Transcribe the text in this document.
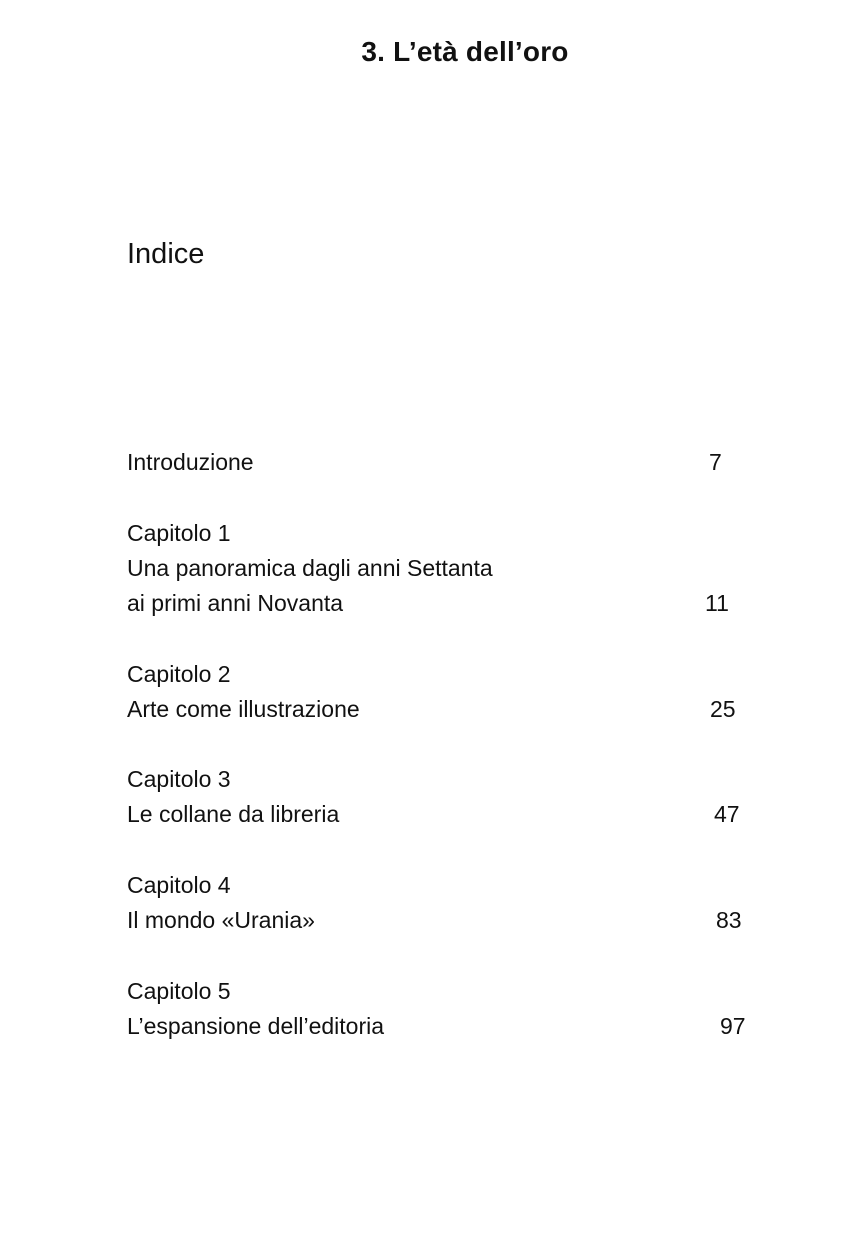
3. L’età dell’oro
Indice
Introduzione	7
Capitolo 1
Una panoramica dagli anni Settanta
ai primi anni Novanta	11
Capitolo 2
Arte come illustrazione	25
Capitolo 3
Le collane da libreria	47
Capitolo 4
Il mondo «Urania»	83
Capitolo 5
L’espansione dell’editoria	97
